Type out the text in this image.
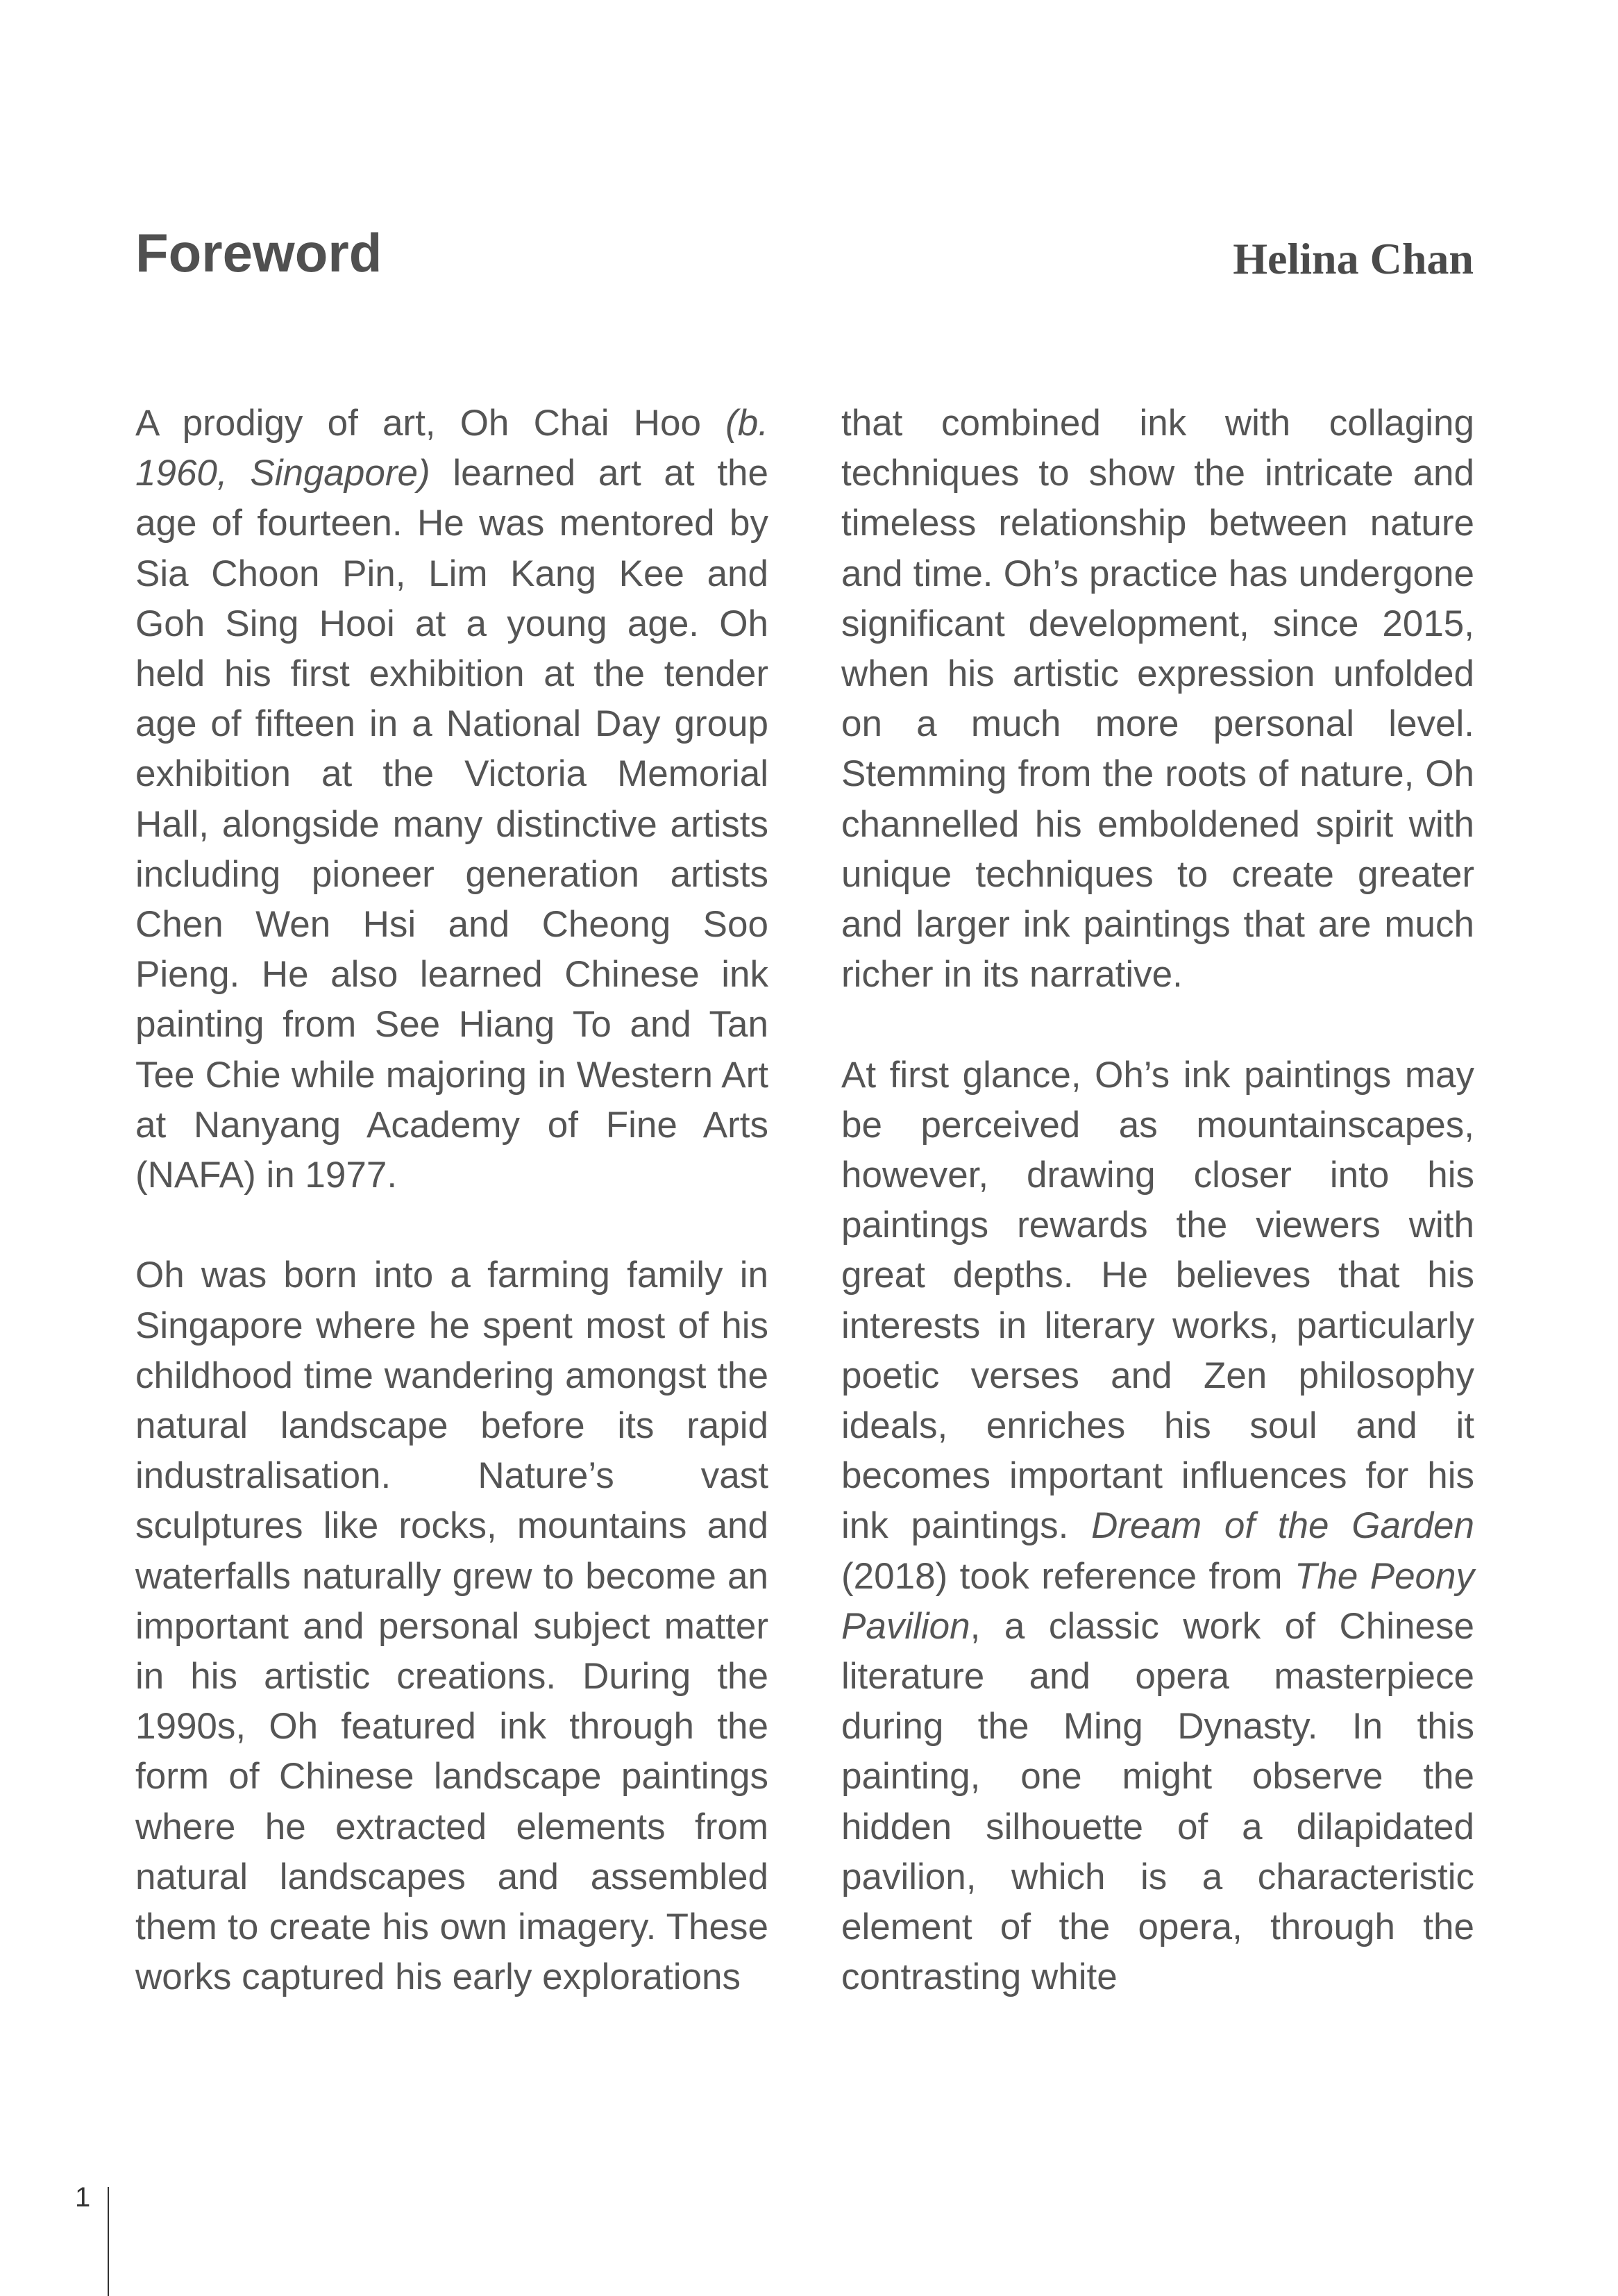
Foreword	Helina Chan

A prodigy of art, Oh Chai Hoo (b. 1960, Singapore) learned art at the age of fourteen. He was mentored by Sia Choon Pin, Lim Kang Kee and Goh Sing Hooi at a young age. Oh held his first exhibition at the tender age of fifteen in a National Day group exhibition at the Victoria Memorial Hall, alongside many distinctive artists including pioneer generation artists Chen Wen Hsi and Cheong Soo Pieng. He also learned Chinese ink painting from See Hiang To and Tan Tee Chie while majoring in Western Art at Nanyang Academy of Fine Arts (NAFA) in 1977.

Oh was born into a farming family in Singapore where he spent most of his childhood time wandering amongst the natural landscape before its rapid industralisation. Nature’s vast sculptures like rocks, mountains and waterfalls naturally grew to become an important and personal subject matter in his artistic creations. During the 1990s, Oh featured ink through the form of Chinese landscape paintings where he extracted elements from natural landscapes and assembled them to create his own imagery. These works captured his early explorations

that combined ink with collaging techniques to show the intricate and timeless relationship between nature and time. Oh’s practice has undergone significant development, since 2015, when his artistic expression unfolded on a much more personal level. Stemming from the roots of nature, Oh channelled his emboldened spirit with unique techniques to create greater and larger ink paintings that are much richer in its narrative.

At first glance, Oh’s ink paintings may be perceived as mountainscapes, however, drawing closer into his paintings rewards the viewers with great depths. He believes that his interests in literary works, particularly poetic verses and Zen philosophy ideals, enriches his soul and it becomes important influences for his ink paintings. Dream of the Garden (2018) took reference from The Peony Pavilion, a classic work of Chinese literature and opera masterpiece during the Ming Dynasty. In this painting, one might observe the hidden silhouette of a dilapidated pavilion, which is a characteristic element of the opera, through the contrasting white

1
